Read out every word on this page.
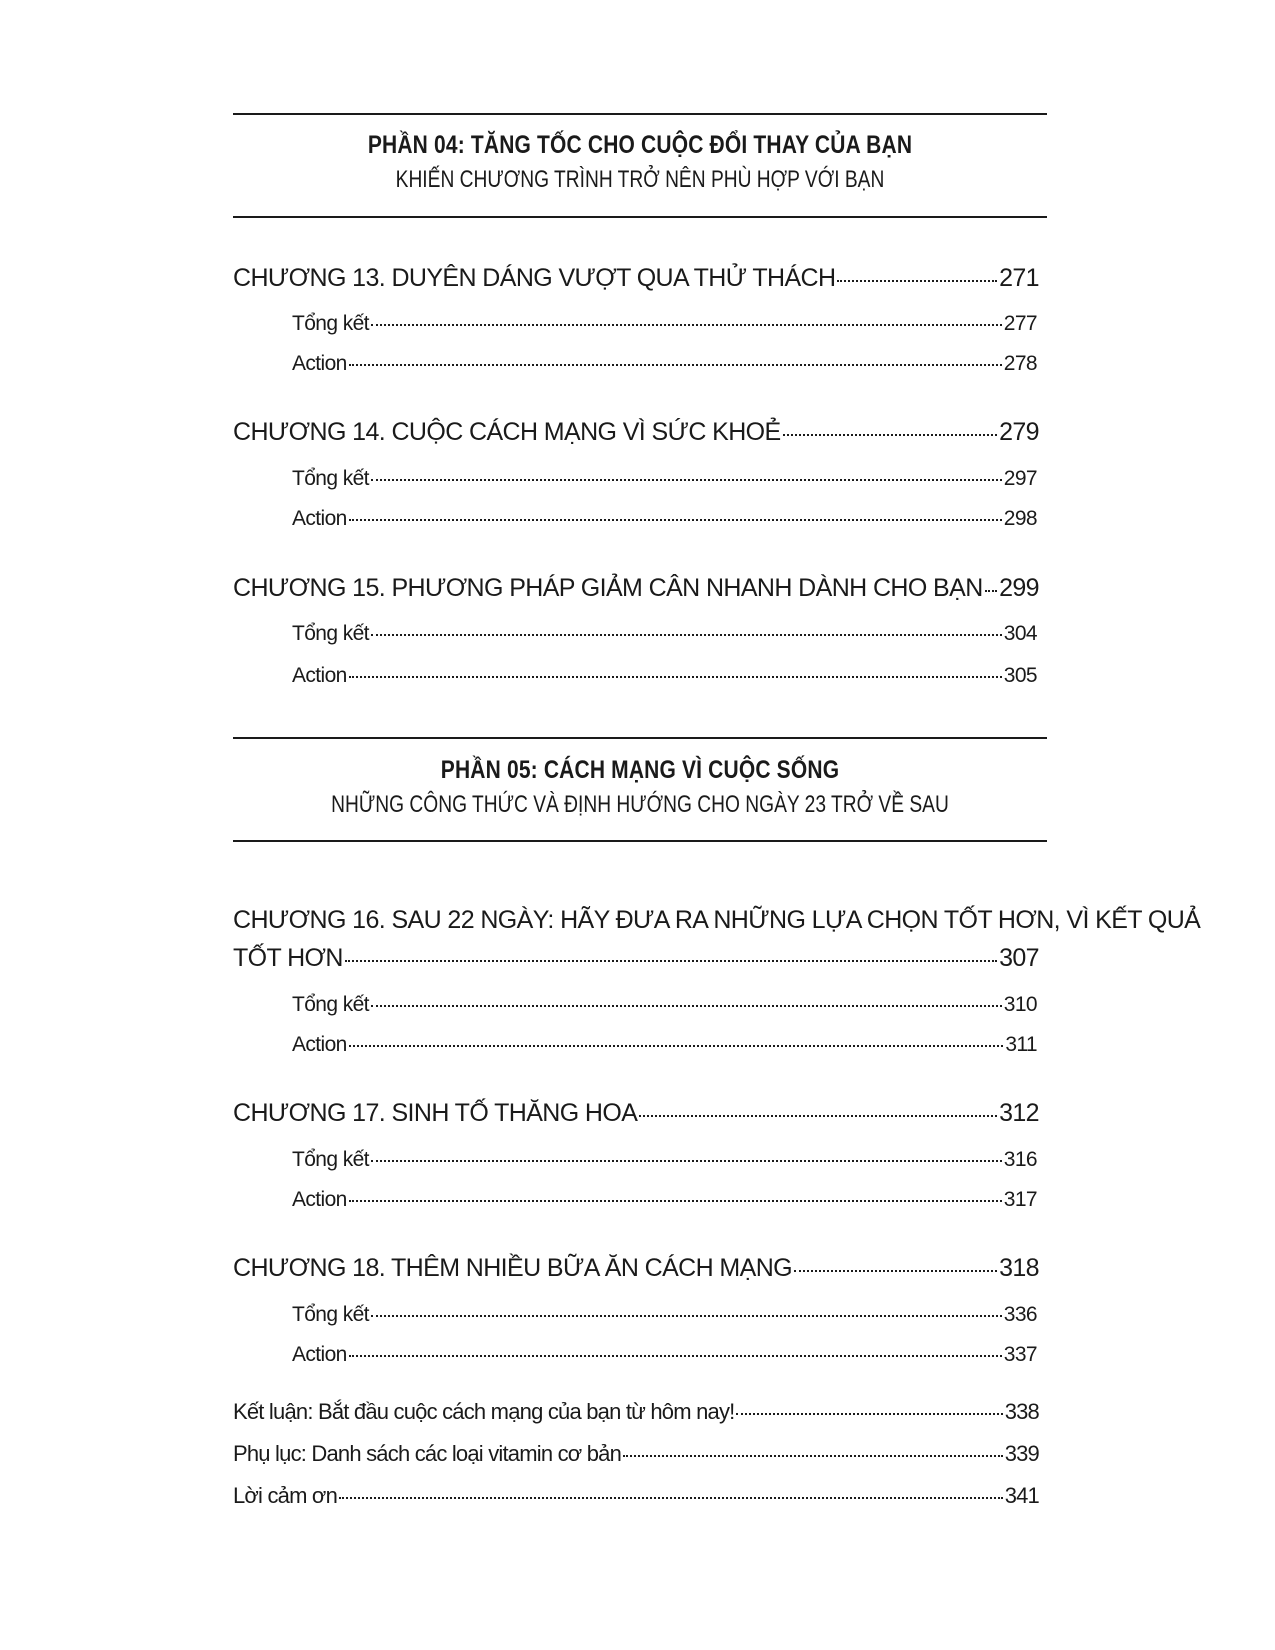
PHẦN 04: TĂNG TỐC CHO CUỘC ĐỔI THAY CỦA BẠN
KHIẾN CHƯƠNG TRÌNH TRỞ NÊN PHÙ HỢP VỚI BẠN
CHƯƠNG 13. DUYÊN DÁNG VƯỢT QUA THỬ THÁCH	271
Tổng kết	277
Action	278
CHƯƠNG 14. CUỘC CÁCH MẠNG VÌ SỨC KHOẺ	279
Tổng kết	297
Action	298
CHƯƠNG 15. PHƯƠNG PHÁP GIẢM CÂN NHANH DÀNH CHO BẠN 299
Tổng kết	304
Action	305
PHẦN 05: CÁCH MẠNG VÌ CUỘC SỐNG
NHỮNG CÔNG THỨC VÀ ĐỊNH HƯỚNG CHO NGÀY 23 TRỞ VỀ SAU
CHƯƠNG 16. SAU 22 NGÀY: HÃY ĐƯA RA NHỮNG LỰA CHỌN TỐT HƠN, VÌ KẾT QUẢ
TỐT HƠN	307
Tổng kết	310
Action	311
CHƯƠNG 17. SINH TỐ THĂNG HOA	312
Tổng kết	316
Action	317
CHƯƠNG 18. THÊM NHIỀU BỮA ĂN CÁCH MẠNG	318
Tổng kết	336
Action	337
Kết luận: Bắt đầu cuộc cách mạng của bạn từ hôm nay!	338
Phụ lục: Danh sách các loại vitamin cơ bản	339
Lời cảm ơn	341
